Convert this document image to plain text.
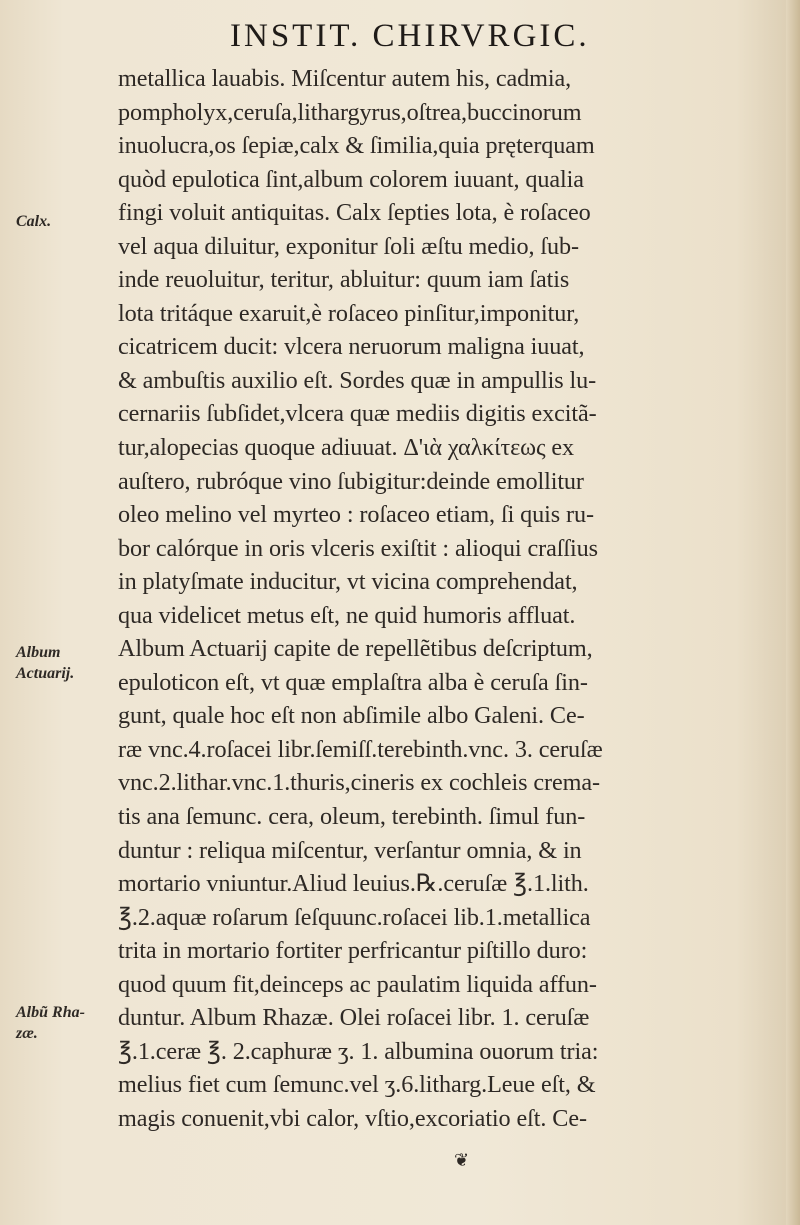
INSTIT. CHIRVRGIC.
metallica lauabis. Miſcentur autem his, cadmia,
pompholyx,ceruſa,lithargyrus,oſtrea,buccinorum
inuolucra,os ſepiæ,calx & ſimilia,quia pręterquam
quòd epulotica ſint,album colorem iuuant, qualia
fingi voluit antiquitas. Calx ſepties lota, è roſaceo
vel aqua diluitur, exponitur ſoli æſtu medio, ſub-
inde reuoluitur, teritur, abluitur: quum iam ſatis
lota tritáque exaruit,è roſaceo pinſitur,imponitur,
cicatricem ducit: vlcera neruorum maligna iuuat,
& ambuſtis auxilio eſt. Sordes quæ in ampullis lu-
cernariis ſubſidet,vlcera quæ mediis digitis excitã-
tur,alopecias quoque adiuuat. Δ'ιὰ χαλκίτεως ex
auſtero, rubróque vino ſubigitur:deinde emollitur
oleo melino vel myrteo : roſaceo etiam, ſi quis ru-
bor calórque in oris vlceris exiſtit : alioqui craſſius
in platyſmate inducitur, vt vicina comprehendat,
qua videlicet metus eſt, ne quid humoris affluat.
Album Actuarij capite de repellẽtibus deſcriptum,
epuloticon eſt, vt quæ emplaſtra alba è ceruſa ſin-
gunt, quale hoc eſt non abſimile albo Galeni. Ce-
ræ vnc.4.roſacei libr.ſemiſſ.terebinth.vnc. 3. ceruſæ
vnc.2.lithar.vnc.1.thuris,cineris ex cochleis crema-
tis ana ſemunc. cera, oleum, terebinth. ſimul fun-
duntur : reliqua miſcentur, verſantur omnia, & in
mortario vniuntur.Aliud leuius.℞.ceruſæ ℥.1.lith.
℥.2.aquæ roſarum ſeſquunc.roſacei lib.1.metallica
trita in mortario fortiter perfricantur piſtillo duro:
quod quum fit,deinceps ac paulatim liquida affun-
duntur. Album Rhazæ. Olei roſacei libr. 1. ceruſæ
℥.1.ceræ ℥. 2.caphuræ ʒ. 1. albumina ouorum tria:
melius fiet cum ſemunc.vel ʒ.6.litharg.Leue eſt, &
magis conuenit,vbi calor, vſtio,excoriatio eſt. Ce-
Calx.
Album
Actuarij.
Albũ Rha-
zæ.
❦
